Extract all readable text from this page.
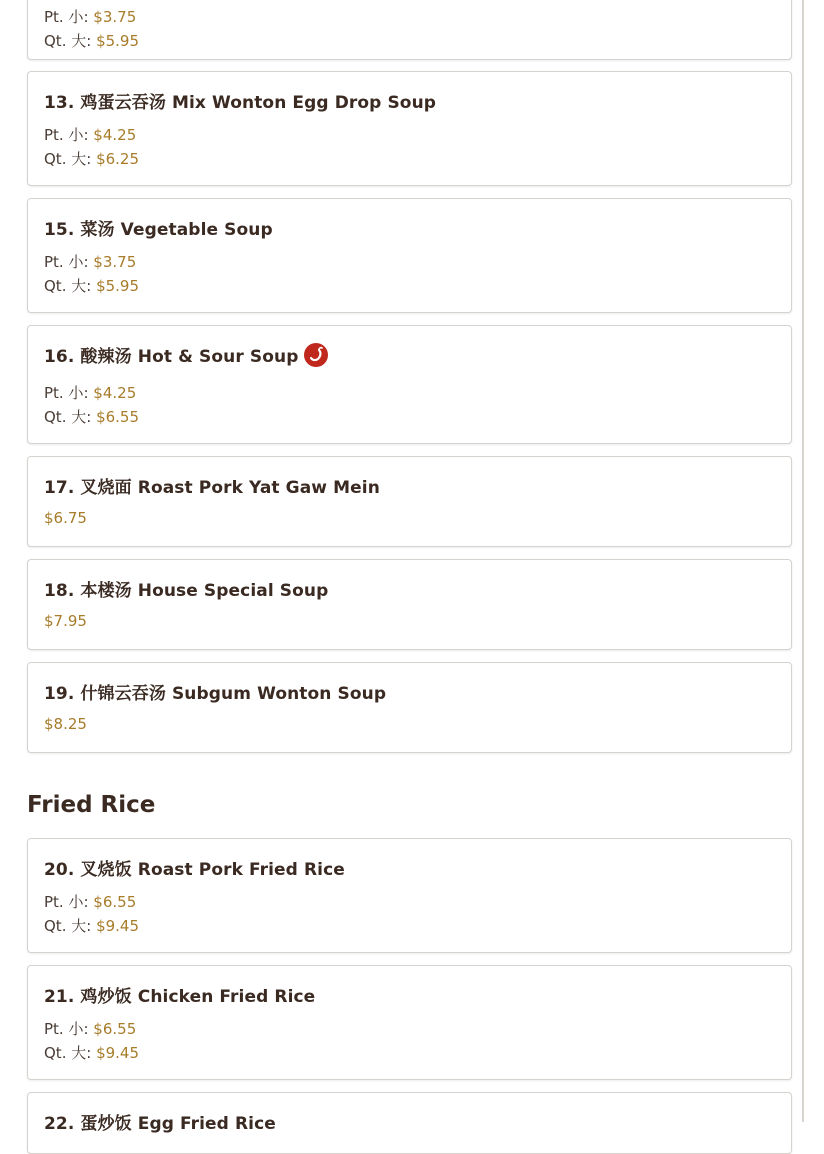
Pt. 小: $3.75
Qt. 大: $5.95
13. 鸡蛋云吞汤 Mix Wonton Egg Drop Soup
Pt. 小: $4.25
Qt. 大: $6.25
15. 菜汤 Vegetable Soup
Pt. 小: $3.75
Qt. 大: $5.95
16. 酸辣汤 Hot & Sour Soup
Pt. 小: $4.25
Qt. 大: $6.55
17. 叉烧面 Roast Pork Yat Gaw Mein
$6.75
18. 本楼汤 House Special Soup
$7.95
19. 什锦云吞汤 Subgum Wonton Soup
$8.25
Fried Rice
20. 叉烧饭 Roast Pork Fried Rice
Pt. 小: $6.55
Qt. 大: $9.45
21. 鸡炒饭 Chicken Fried Rice
Pt. 小: $6.55
Qt. 大: $9.45
22. 蛋炒饭 Egg Fried Rice
